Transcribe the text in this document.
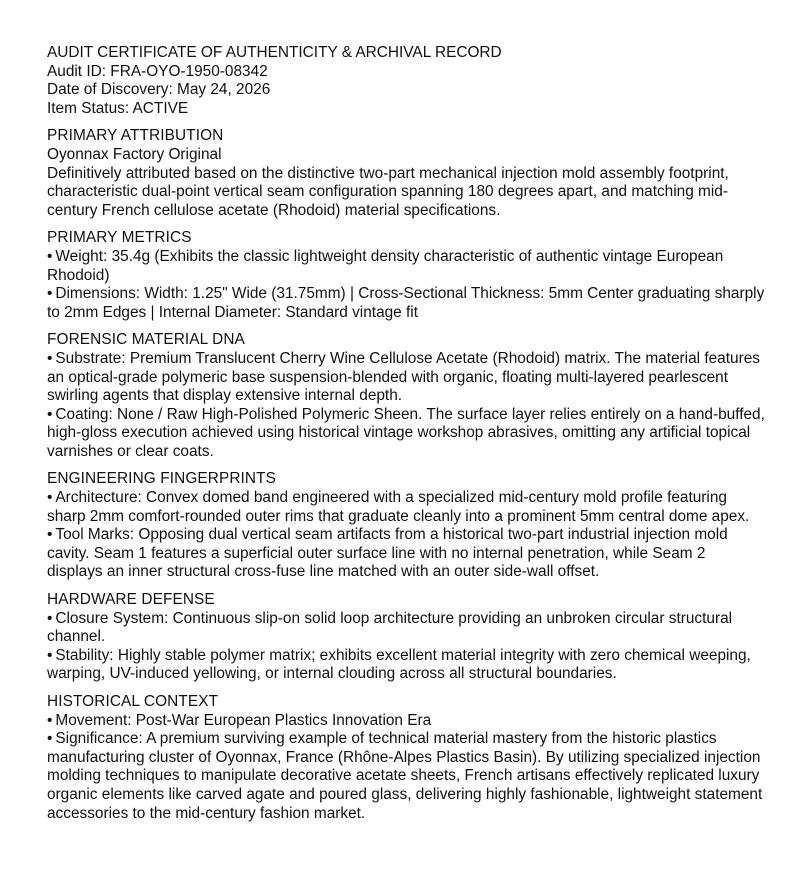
AUDIT CERTIFICATE OF AUTHENTICITY & ARCHIVAL RECORD
Audit ID: FRA-OYO-1950-08342
Date of Discovery: May 24, 2026
Item Status: ACTIVE
PRIMARY ATTRIBUTION
Oyonnax Factory Original
Definitively attributed based on the distinctive two-part mechanical injection mold assembly footprint, characteristic dual-point vertical seam configuration spanning 180 degrees apart, and matching mid-century French cellulose acetate (Rhodoid) material specifications.
PRIMARY METRICS
• Weight: 35.4g (Exhibits the classic lightweight density characteristic of authentic vintage European Rhodoid)
• Dimensions: Width: 1.25" Wide (31.75mm) | Cross-Sectional Thickness: 5mm Center graduating sharply to 2mm Edges | Internal Diameter: Standard vintage fit
FORENSIC MATERIAL DNA
• Substrate: Premium Translucent Cherry Wine Cellulose Acetate (Rhodoid) matrix. The material features an optical-grade polymeric base suspension-blended with organic, floating multi-layered pearlescent swirling agents that display extensive internal depth.
• Coating: None / Raw High-Polished Polymeric Sheen. The surface layer relies entirely on a hand-buffed, high-gloss execution achieved using historical vintage workshop abrasives, omitting any artificial topical varnishes or clear coats.
ENGINEERING FINGERPRINTS
• Architecture: Convex domed band engineered with a specialized mid-century mold profile featuring sharp 2mm comfort-rounded outer rims that graduate cleanly into a prominent 5mm central dome apex.
• Tool Marks: Opposing dual vertical seam artifacts from a historical two-part industrial injection mold cavity. Seam 1 features a superficial outer surface line with no internal penetration, while Seam 2 displays an inner structural cross-fuse line matched with an outer side-wall offset.
HARDWARE DEFENSE
• Closure System: Continuous slip-on solid loop architecture providing an unbroken circular structural channel.
• Stability: Highly stable polymer matrix; exhibits excellent material integrity with zero chemical weeping, warping, UV-induced yellowing, or internal clouding across all structural boundaries.
HISTORICAL CONTEXT
• Movement: Post-War European Plastics Innovation Era
• Significance: A premium surviving example of technical material mastery from the historic plastics manufacturing cluster of Oyonnax, France (Rhône-Alpes Plastics Basin). By utilizing specialized injection molding techniques to manipulate decorative acetate sheets, French artisans effectively replicated luxury organic elements like carved agate and poured glass, delivering highly fashionable, lightweight statement accessories to the mid-century fashion market.
